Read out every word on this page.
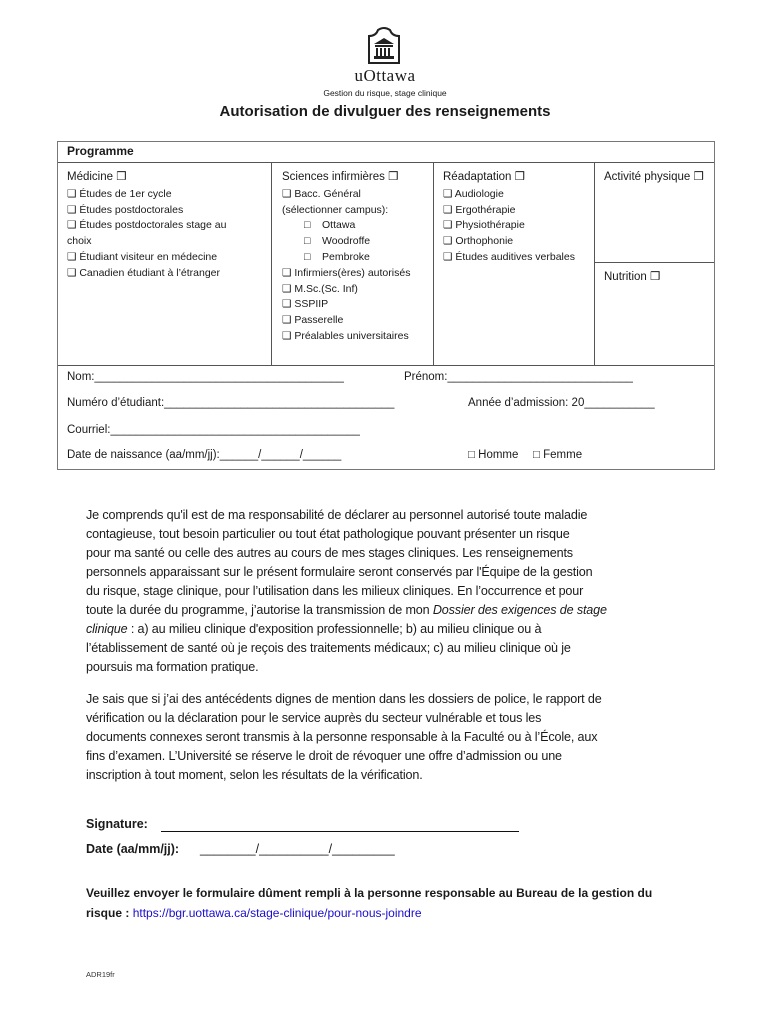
uOttawa
Gestion du risque, stage clinique
Autorisation de divulguer des renseignements
Programme
Médicine ❒
❑ Études de 1er cycle
❑ Études postdoctorales
❑ Études postdoctorales stage au
choix
❑ Étudiant visiteur en médecine
❑ Canadien étudiant à l’étranger
Sciences infirmières ❒
❑ Bacc. Général
(sélectionner campus):
□    Ottawa
□    Woodroffe
□    Pembroke
❑ Infirmiers(ères) autorisés
❑ M.Sc.(Sc. Inf)
❑ SSPIIP
❑ Passerelle
❑ Préalables universitaires
Réadaptation ❒
❑ Audiologie
❑ Ergothérapie
❑ Physiothérapie
❑ Orthophonie
❑ Études auditives verbales
Activité physique ❒
Nutrition ❒
Nom:_______________________________________	Prénom:_____________________________
Numéro d’étudiant:____________________________________	Année d’admission: 20___________
Courriel:_______________________________________
Date de naissance (aa/mm/jj):______/______/______	□ Homme □ Femme
Je comprends qu'il est de ma responsabilité de déclarer au personnel autorisé toute maladie
contagieuse, tout besoin particulier ou tout état pathologique pouvant présenter un risque
pour ma santé ou celle des autres au cours de mes stages cliniques. Les renseignements
personnels apparaissant sur le présent formulaire seront conservés par l'Équipe de la gestion
du risque, stage clinique, pour l’utilisation dans les milieux cliniques. En l’occurrence et pour
toute la durée du programme, j’autorise la transmission de mon Dossier des exigences de stage
clinique : a) au milieu clinique d'exposition professionnelle; b) au milieu clinique ou à
l’établissement de santé où je reçois des traitements médicaux; c) au milieu clinique où je
poursuis ma formation pratique.
Je sais que si j’ai des antécédents dignes de mention dans les dossiers de police, le rapport de
vérification ou la déclaration pour le service auprès du secteur vulnérable et tous les
documents connexes seront transmis à la personne responsable à la Faculté ou à l’École, aux
fins d’examen. L’Université se réserve le droit de révoquer une offre d’admission ou une
inscription à tout moment, selon les résultats de la vérification.
Signature:
Date (aa/mm/jj): ________/__________/_________
Veuillez envoyer le formulaire dûment rempli à la personne responsable au Bureau de la gestion du
risque : https://bgr.uottawa.ca/stage-clinique/pour-nous-joindre
ADR19fr
